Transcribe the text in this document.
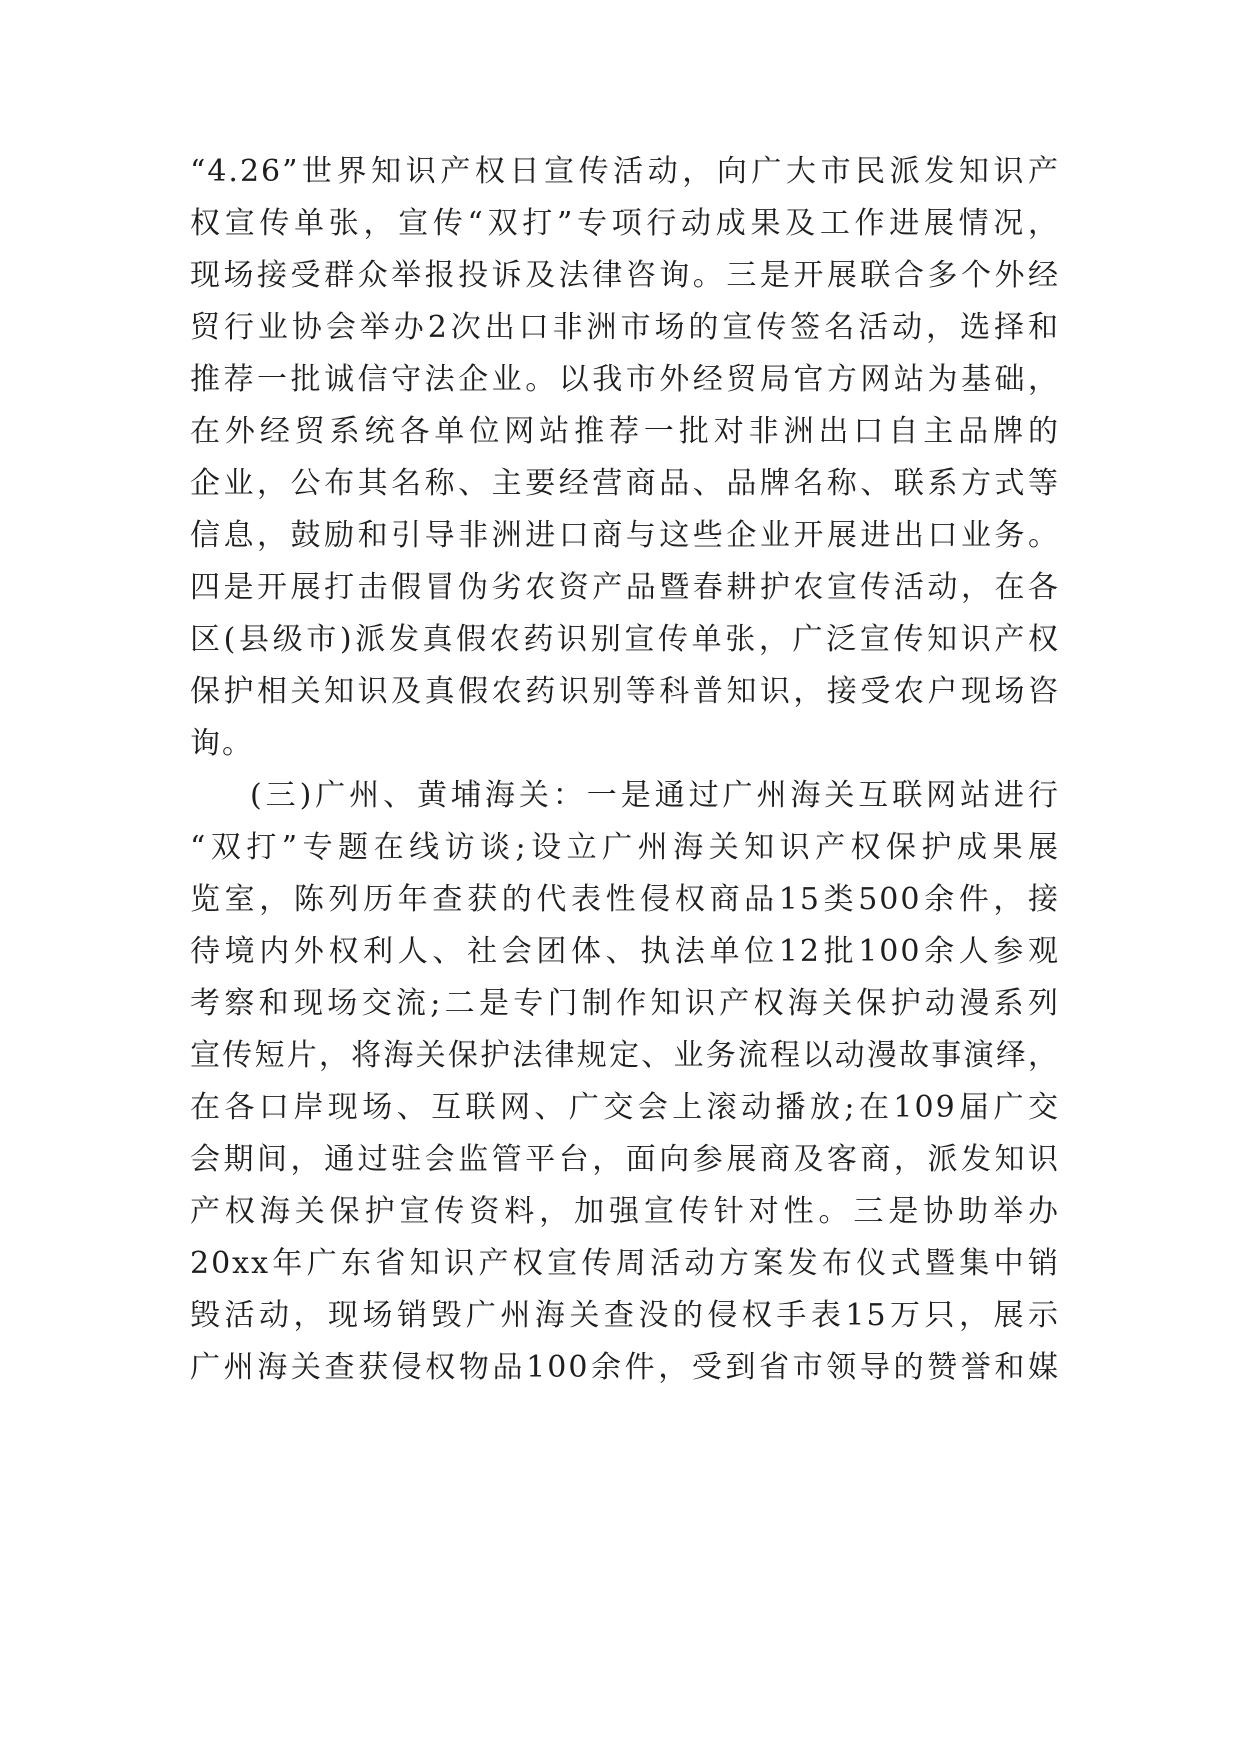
“4.26”世界知识产权日宣传活动，向广大市民派发知识产
权宣传单张，宣传“双打”专项行动成果及工作进展情况，
现场接受群众举报投诉及法律咨询。三是开展联合多个外经
贸行业协会举办2次出口非洲市场的宣传签名活动，选择和
推荐一批诚信守法企业。以我市外经贸局官方网站为基础，
在外经贸系统各单位网站推荐一批对非洲出口自主品牌的
企业，公布其名称、主要经营商品、品牌名称、联系方式等
信息，鼓励和引导非洲进口商与这些企业开展进出口业务。
四是开展打击假冒伪劣农资产品暨春耕护农宣传活动，在各
区(县级市)派发真假农药识别宣传单张，广泛宣传知识产权
保护相关知识及真假农药识别等科普知识，接受农户现场咨
询。
(三)广州、黄埔海关：一是通过广州海关互联网站进行
“双打”专题在线访谈;设立广州海关知识产权保护成果展
览室，陈列历年查获的代表性侵权商品15类500余件，接
待境内外权利人、社会团体、执法单位12批100余人参观
考察和现场交流;二是专门制作知识产权海关保护动漫系列
宣传短片，将海关保护法律规定、业务流程以动漫故事演绎，
在各口岸现场、互联网、广交会上滚动播放;在109届广交
会期间，通过驻会监管平台，面向参展商及客商，派发知识
产权海关保护宣传资料，加强宣传针对性。三是协助举办
20xx年广东省知识产权宣传周活动方案发布仪式暨集中销
毁活动，现场销毁广州海关查没的侵权手表15万只，展示
广州海关查获侵权物品100余件，受到省市领导的赞誉和媒
